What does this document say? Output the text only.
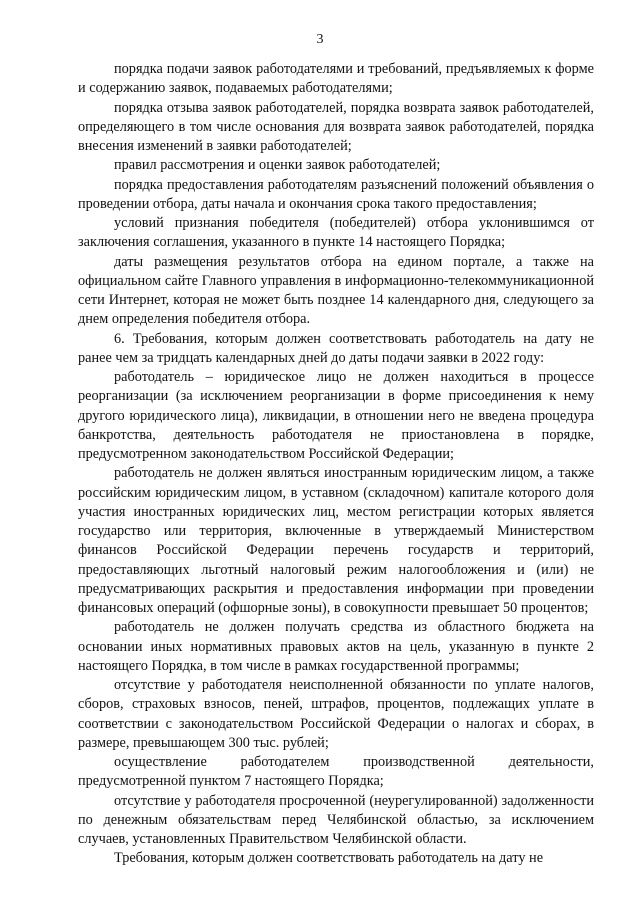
3

порядка подачи заявок работодателями и требований, предъявляемых к форме и содержанию заявок, подаваемых работодателями;

порядка отзыва заявок работодателей, порядка возврата заявок работодателей, определяющего в том числе основания для возврата заявок работодателей, порядка внесения изменений в заявки работодателей;

правил рассмотрения и оценки заявок работодателей;

порядка предоставления работодателям разъяснений положений объявления о проведении отбора, даты начала и окончания срока такого предоставления;

условий признания победителя (победителей) отбора уклонившимся от заключения соглашения, указанного в пункте 14 настоящего Порядка;

даты размещения результатов отбора на едином портале, а также на официальном сайте Главного управления в информационно-телекоммуникационной сети Интернет, которая не может быть позднее 14 календарного дня, следующего за днем определения победителя отбора.

6. Требования, которым должен соответствовать работодатель на дату не ранее чем за тридцать календарных дней до даты подачи заявки в 2022 году:

работодатель – юридическое лицо не должен находиться в процессе реорганизации (за исключением реорганизации в форме присоединения к нему другого юридического лица), ликвидации, в отношении него не введена процедура банкротства, деятельность работодателя не приостановлена в порядке, предусмотренном законодательством Российской Федерации;

работодатель не должен являться иностранным юридическим лицом, а также российским юридическим лицом, в уставном (складочном) капитале которого доля участия иностранных юридических лиц, местом регистрации которых является государство или территория, включенные в утверждаемый Министерством финансов Российской Федерации перечень государств и территорий, предоставляющих льготный налоговый режим налогообложения и (или) не предусматривающих раскрытия и предоставления информации при проведении финансовых операций (офшорные зоны), в совокупности превышает 50 процентов;

работодатель не должен получать средства из областного бюджета на основании иных нормативных правовых актов на цель, указанную в пункте 2 настоящего Порядка, в том числе в рамках государственной программы;

отсутствие у работодателя неисполненной обязанности по уплате налогов, сборов, страховых взносов, пеней, штрафов, процентов, подлежащих уплате в соответствии с законодательством Российской Федерации о налогах и сборах, в размере, превышающем 300 тыс. рублей;

осуществление работодателем производственной деятельности, предусмотренной пунктом 7 настоящего Порядка;

отсутствие у работодателя просроченной (неурегулированной) задолженности по денежным обязательствам перед Челябинской областью, за исключением случаев, установленных Правительством Челябинской области.

Требования, которым должен соответствовать работодатель на дату не
